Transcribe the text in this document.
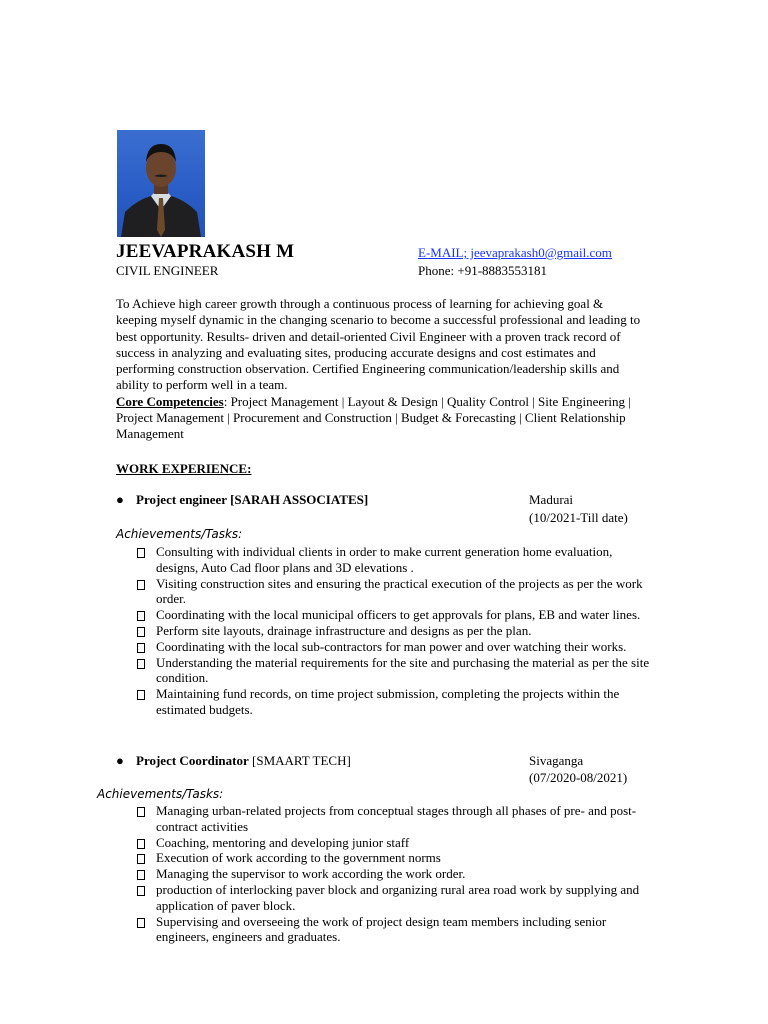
JEEVAPRAKASH M
CIVIL ENGINEER
E-MAIL; jeevaprakash0@gmail.com
Phone: +91-8883553181

To Achieve high career growth through a continuous process of learning for achieving goal & keeping myself dynamic in the changing scenario to become a successful professional and leading to best opportunity. Results- driven and detail-oriented Civil Engineer with a proven track record of success in analyzing and evaluating sites, producing accurate designs and cost estimates and performing construction observation. Certified Engineering communication/leadership skills and ability to perform well in a team.

Core Competencies: Project Management | Layout & Design | Quality Control | Site Engineering | Project Management | Procurement and Construction | Budget & Forecasting | Client Relationship Management

WORK EXPERIENCE:
● Project engineer [SARAH ASSOCIATES]	Madurai
(10/2021-Till date)
Achievements/Tasks:
Consulting with individual clients in order to make current generation home evaluation, designs, Auto Cad floor plans and 3D elevations .
Visiting construction sites and ensuring the practical execution of the projects as per the work order.
Coordinating with the local municipal officers to get approvals for plans, EB and water lines.
Perform site layouts, drainage infrastructure and designs as per the plan.
Coordinating with the local sub-contractors for man power and over watching their works.
Understanding the material requirements for the site and purchasing the material as per the site condition.
Maintaining fund records, on time project submission, completing the projects within the estimated budgets.
● Project Coordinator [SMAART TECH]	Sivaganga
(07/2020-08/2021)
Achievements/Tasks:
Managing urban-related projects from conceptual stages through all phases of pre- and post-contract activities
Coaching, mentoring and developing junior staff
Execution of work according to the government norms
Managing the supervisor to work according the work order.
production of interlocking paver block and organizing rural area road work by supplying and application of paver block.
Supervising and overseeing the work of project design team members including senior engineers, engineers and graduates.
